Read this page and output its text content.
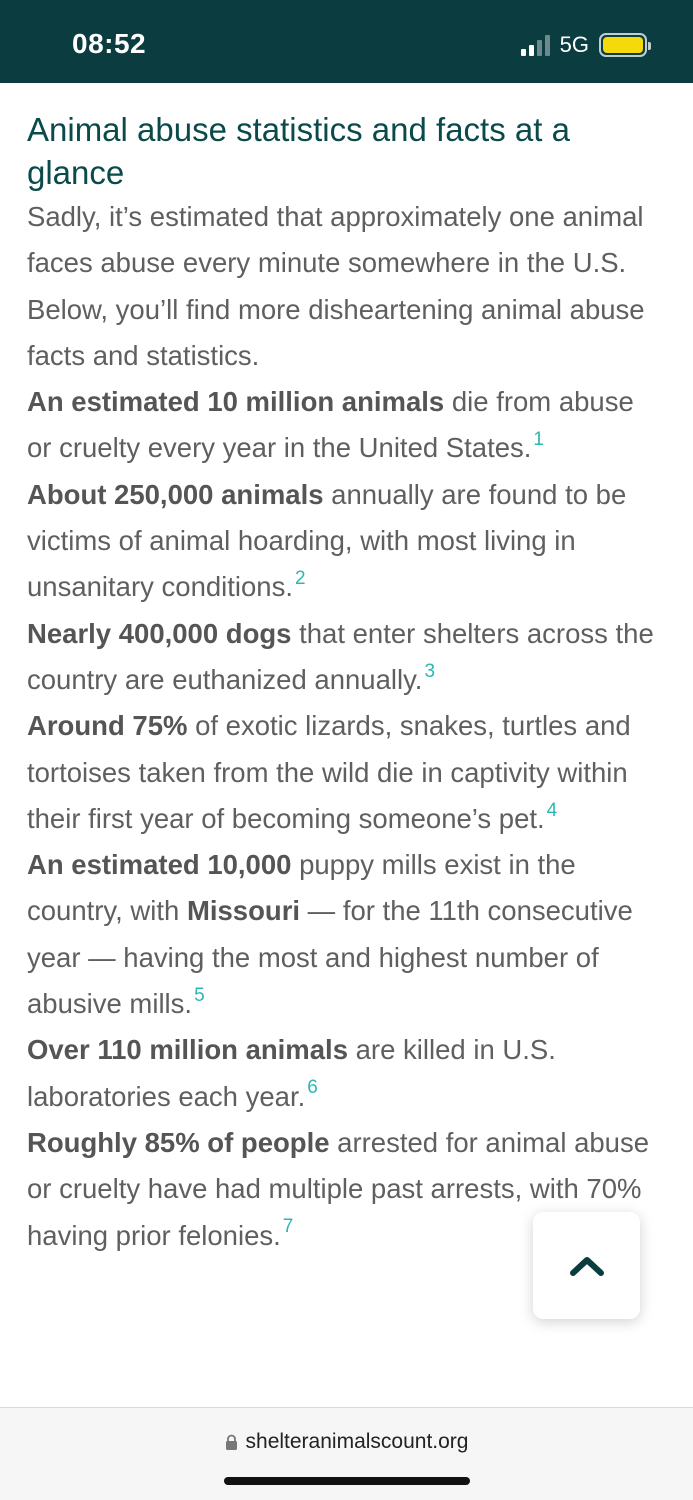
08:52	5G
Animal abuse statistics and facts at a glance

Sadly, it’s estimated that approximately one animal faces abuse every minute somewhere in the U.S. Below, you’ll find more disheartening animal abuse facts and statistics.

An estimated 10 million animals die from abuse or cruelty every year in the United States. $^1$

About 250,000 animals annually are found to be victims of animal hoarding, with most living in unsanitary conditions. $^2$

Nearly 400,000 dogs that enter shelters across the country are euthanized annually. $^3$

Around 75% of exotic lizards, snakes, turtles and tortoises taken from the wild die in captivity within their first year of becoming someone’s pet. $^4$

An estimated 10,000 puppy mills exist in the country, with Missouri — for the 11th consecutive year — having the most and highest number of abusive mills. $^5$

Over 110 million animals are killed in U.S. laboratories each year. $^6$

Roughly 85% of people arrested for animal abuse or cruelty have had multiple past arrests, with 70% having prior felonies. $^7$

shelteranimalscount.org
